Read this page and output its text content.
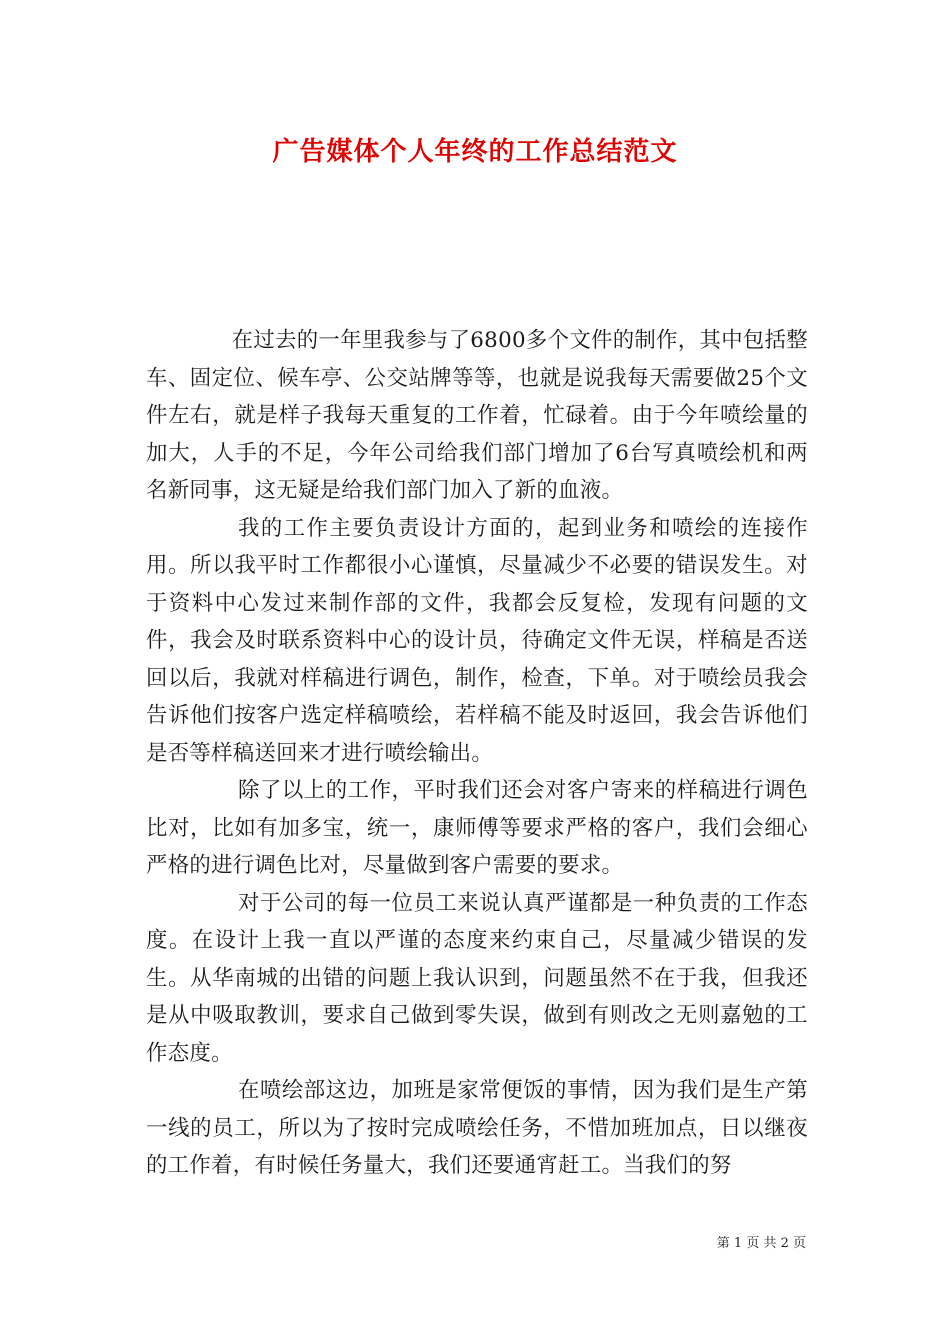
广告媒体个人年终的工作总结范文

在过去的一年里我参与了6800多个文件的制作，其中包括整车、固定位、候车亭、公交站牌等等，也就是说我每天需要做25个文件左右，就是样子我每天重复的工作着，忙碌着。由于今年喷绘量的加大，人手的不足，今年公司给我们部门增加了6台写真喷绘机和两名新同事，这无疑是给我们部门加入了新的血液。

我的工作主要负责设计方面的，起到业务和喷绘的连接作用。所以我平时工作都很小心谨慎，尽量减少不必要的错误发生。对于资料中心发过来制作部的文件，我都会反复检，发现有问题的文件，我会及时联系资料中心的设计员，待确定文件无误，样稿是否送回以后，我就对样稿进行调色，制作，检查，下单。对于喷绘员我会告诉他们按客户选定样稿喷绘，若样稿不能及时返回，我会告诉他们是否等样稿送回来才进行喷绘输出。

除了以上的工作，平时我们还会对客户寄来的样稿进行调色比对，比如有加多宝，统一，康师傅等要求严格的客户，我们会细心严格的进行调色比对，尽量做到客户需要的要求。

对于公司的每一位员工来说认真严谨都是一种负责的工作态度。在设计上我一直以严谨的态度来约束自己，尽量减少错误的发生。从华南城的出错的问题上我认识到，问题虽然不在于我，但我还是从中吸取教训，要求自己做到零失误，做到有则改之无则嘉勉的工作态度。

在喷绘部这边，加班是家常便饭的事情，因为我们是生产第一线的员工，所以为了按时完成喷绘任务，不惜加班加点，日以继夜的工作着，有时候任务量大，我们还要通宵赶工。当我们的努

第 1 页 共 2 页
